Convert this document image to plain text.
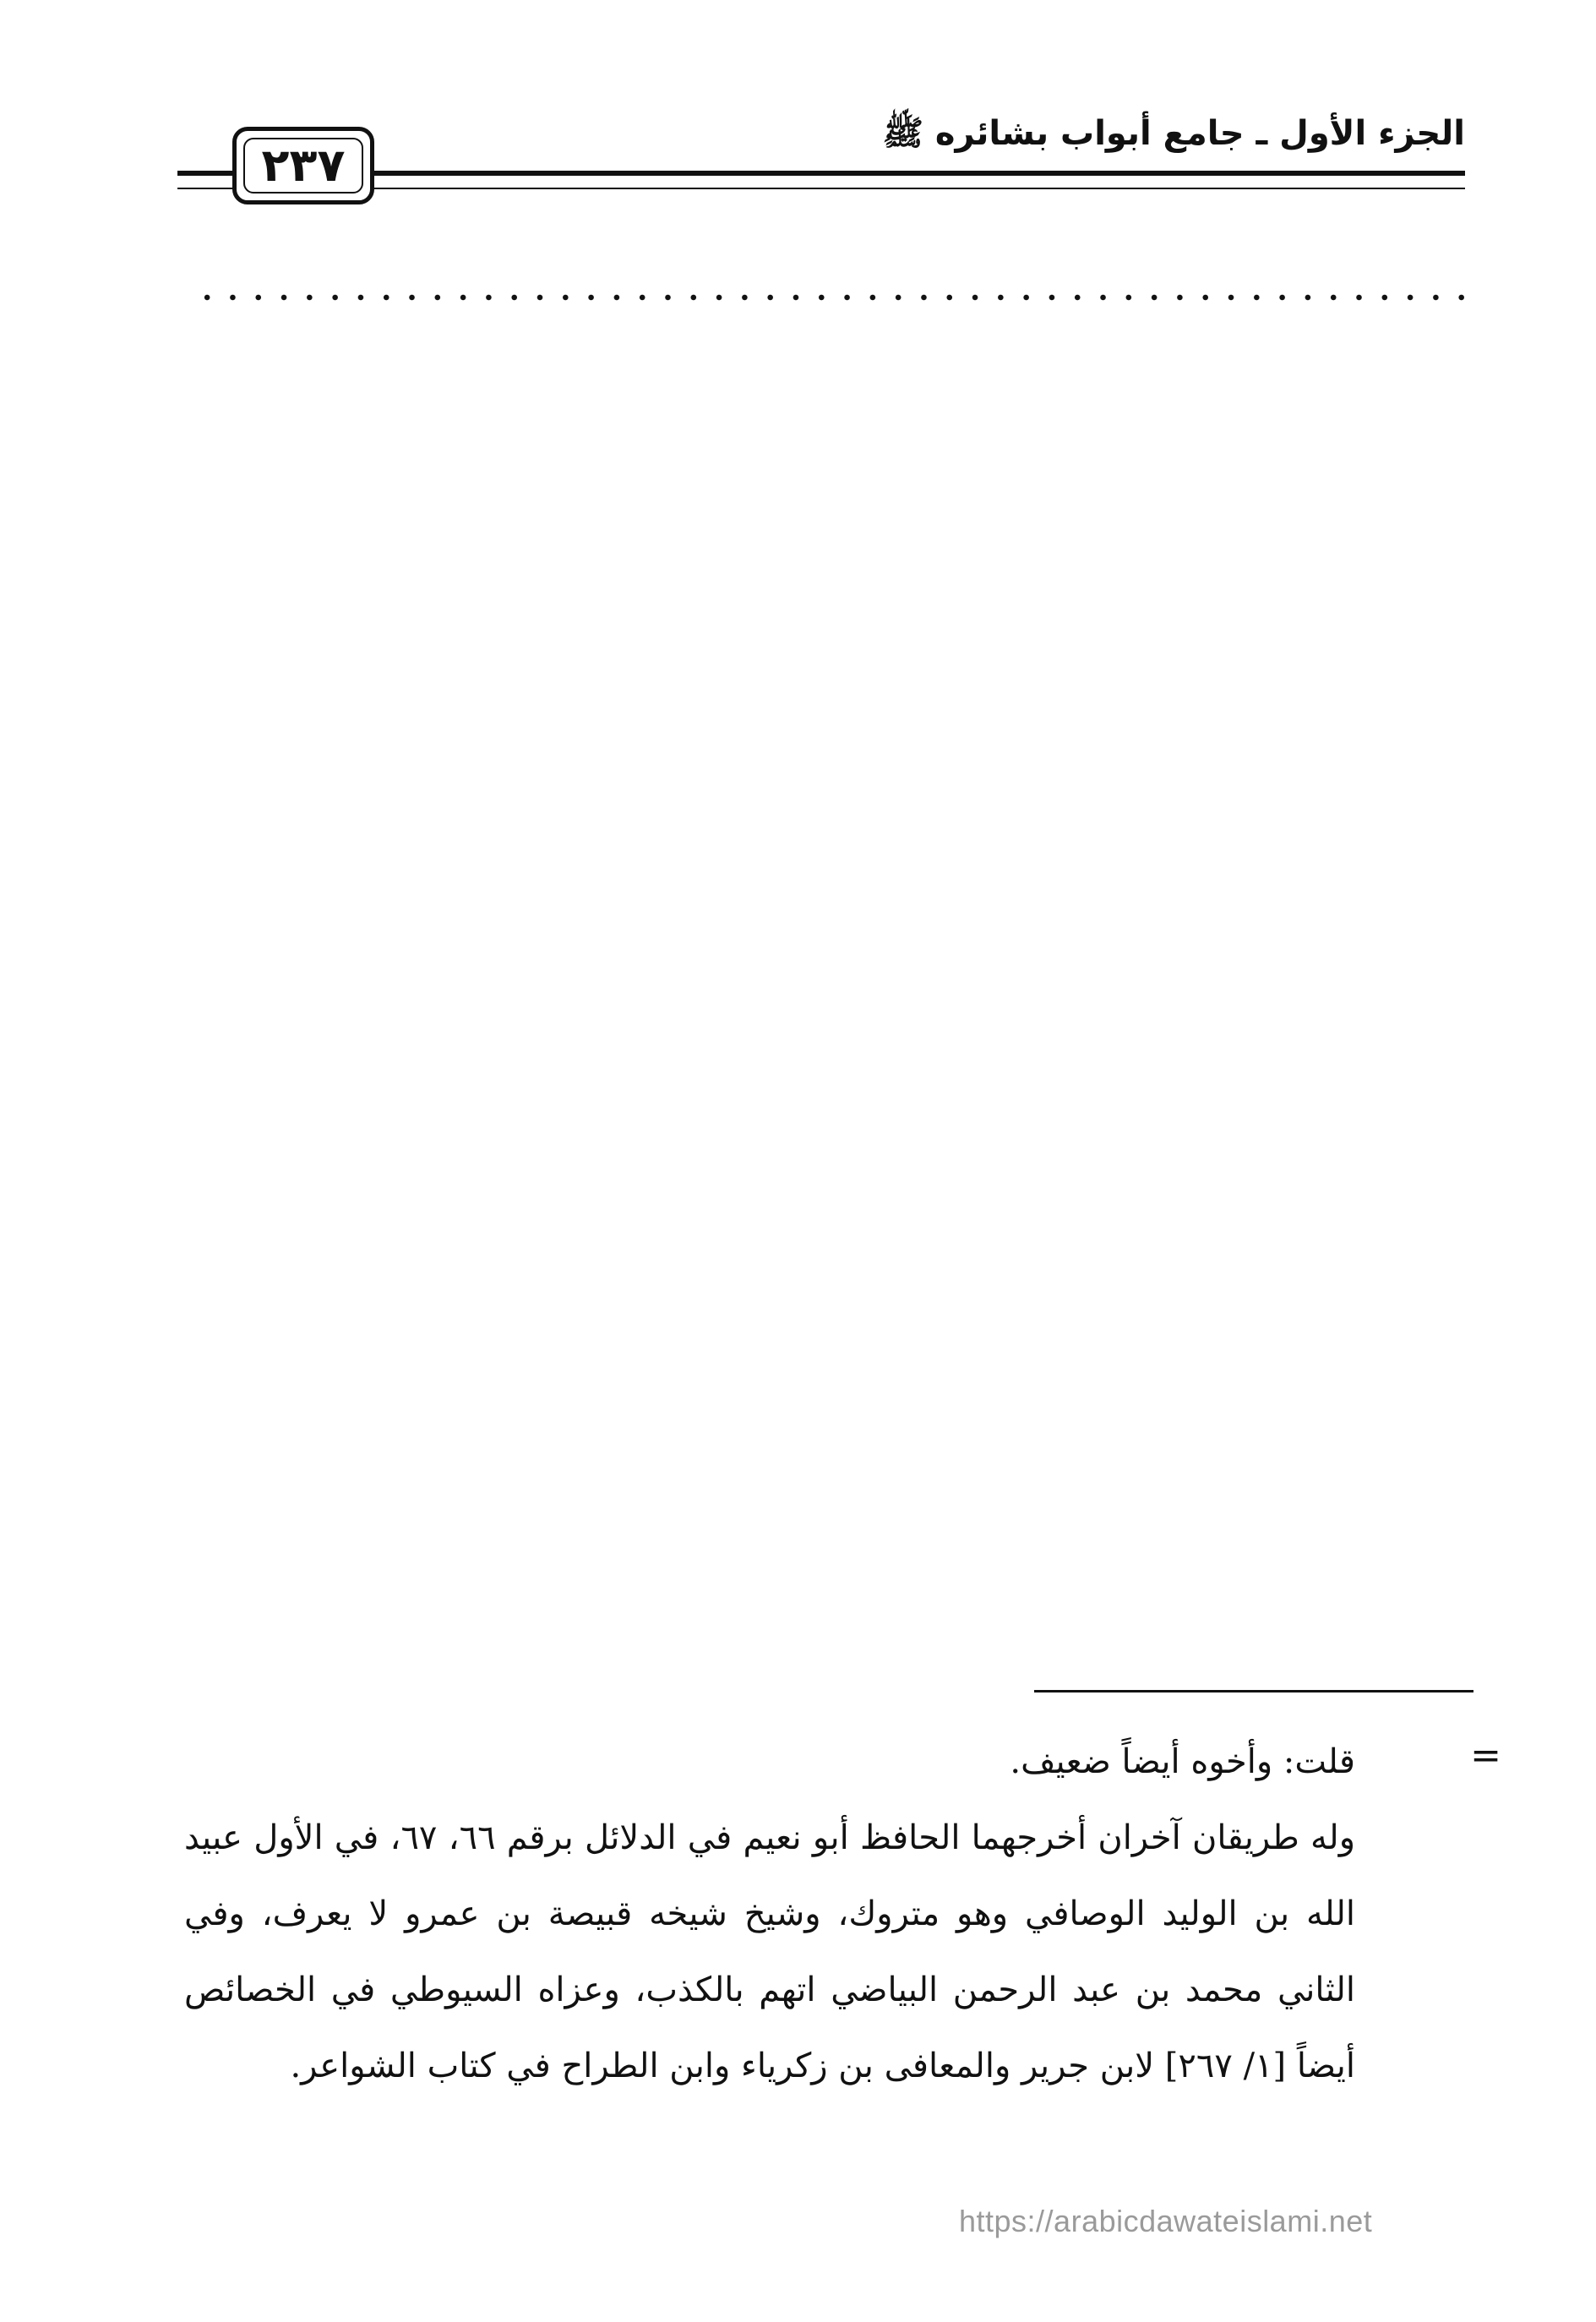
الجزء الأول ـ جامع أبواب بشائره ﷺ
٢٣٧
=

قلت: وأخوه أيضاً ضعيف.

وله طريقان آخران أخرجهما الحافظ أبو نعيم في الدلائل برقم ٦٦، ٦٧، في الأول عبيد الله بن الوليد الوصافي وهو متروك، وشيخ شيخه قبيصة بن عمرو لا يعرف، وفي الثاني محمد بن عبد الرحمن البياضي اتهم بالكذب، وعزاه السيوطي في الخصائص أيضاً [١/ ٢٦٧] لابن جرير والمعافى بن زكرياء وابن الطراح في كتاب الشواعر.

https://arabicdawateislami.net
